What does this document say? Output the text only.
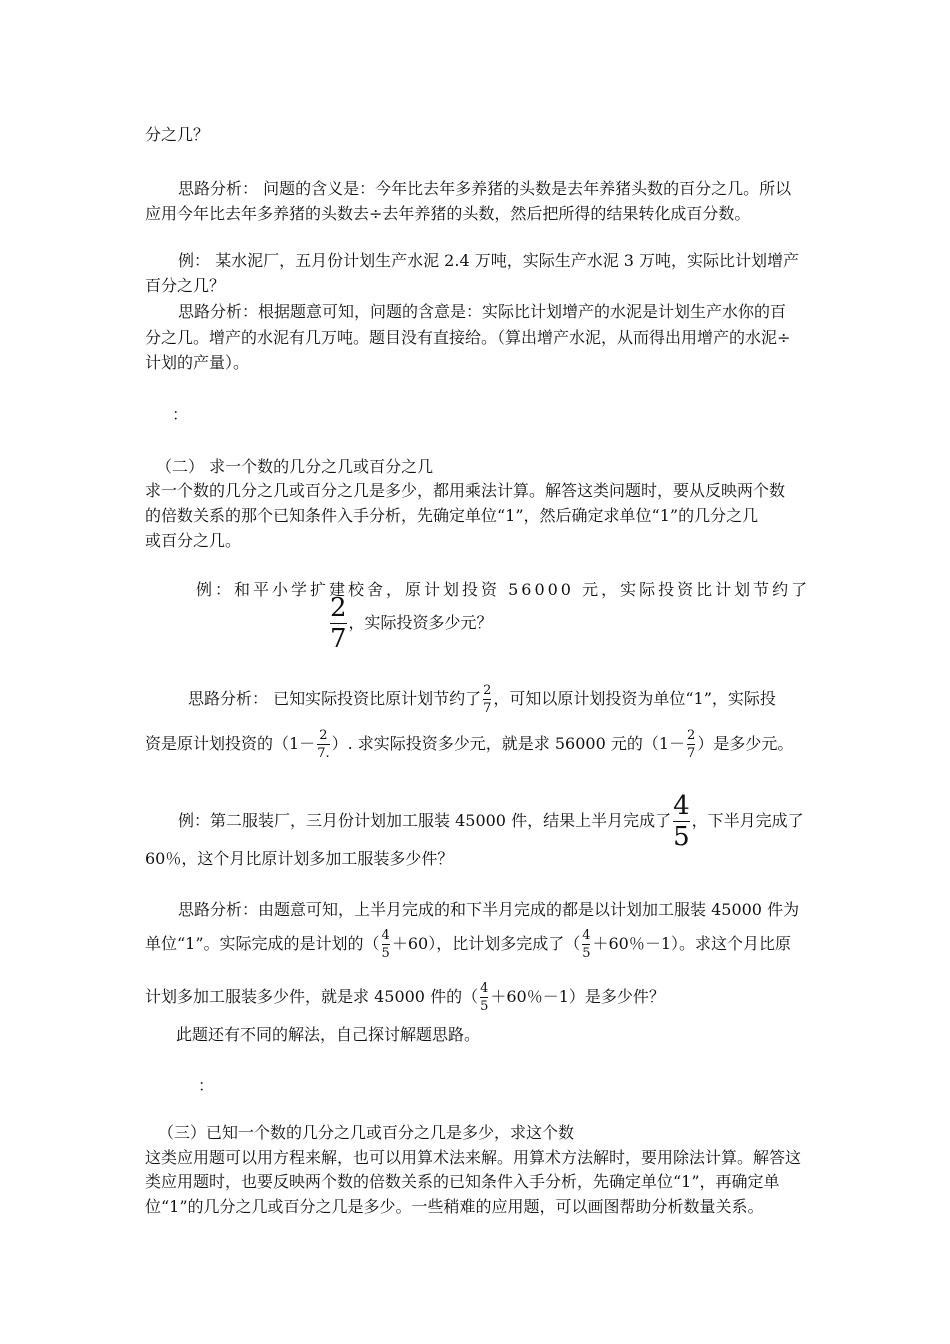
分之几？
思路分析： 问题的含义是：今年比去年多养猪的头数是去年养猪头数的百分之几。所以
应用今年比去年多养猪的头数去÷去年养猪的头数，然后把所得的结果转化成百分数。
例： 某水泥厂，五月份计划生产水泥 2.4 万吨，实际生产水泥 3 万吨，实际比计划增产
百分之几？
思路分析：根据题意可知，问题的含意是：实际比计划增产的水泥是计划生产水你的百
分之几。增产的水泥有几万吨。题目没有直接给。（算出增产水泥，从而得出用增产的水泥÷
计划的产量）。
：
（二） 求一个数的几分之几或百分之几
求一个数的几分之几或百分之几是多少，都用乘法计算。解答这类问题时，要从反映两个数
的倍数关系的那个已知条件入手分析，先确定单位“1”，然后确定求单位“1”的几分之几
或百分之几。
例：和平小学扩建校舍，原计划投资 56000 元，实际投资比计划节约了
$\frac{2}{7}$ ，实际投资多少元？
思路分析： 已知实际投资比原计划节约了 $\frac{2}{7}$ ，可知以原计划投资为单位“1”，实际投
资是原计划投资的（$1- \frac{2}{7.}$ ）. 求实际投资多少元，就是求 56000 元的（$1- \frac{2}{7}$ ）是多少元。
例：第二服装厂，三月份计划加工服装 45000 件，结果上半月完成了 $\frac{4}{5}$ ，下半月完成了
60％，这个月比原计划多加工服装多少件？
思路分析：由题意可知，上半月完成的和下半月完成的都是以计划加工服装 45000 件为
单位“1”。实际完成的是计划的（ $\frac{4}{5} +60$），比计划多完成了（ $\frac{4}{5} +60$％－1）。求这个月比原
计划多加工服装多少件，就是求 45000 件的（ $\frac{4}{5} +60$％－1）是多少件？
此题还有不同的解法，自己探讨解题思路。
：
（三）已知一个数的几分之几或百分之几是多少，求这个数
这类应用题可以用方程来解，也可以用算术法来解。用算术方法解时，要用除法计算。解答这
类应用题时，也要反映两个数的倍数关系的已知条件入手分析，先确定单位“1”，再确定单
位“1”的几分之几或百分之几是多少。一些稍难的应用题，可以画图帮助分析数量关系。
